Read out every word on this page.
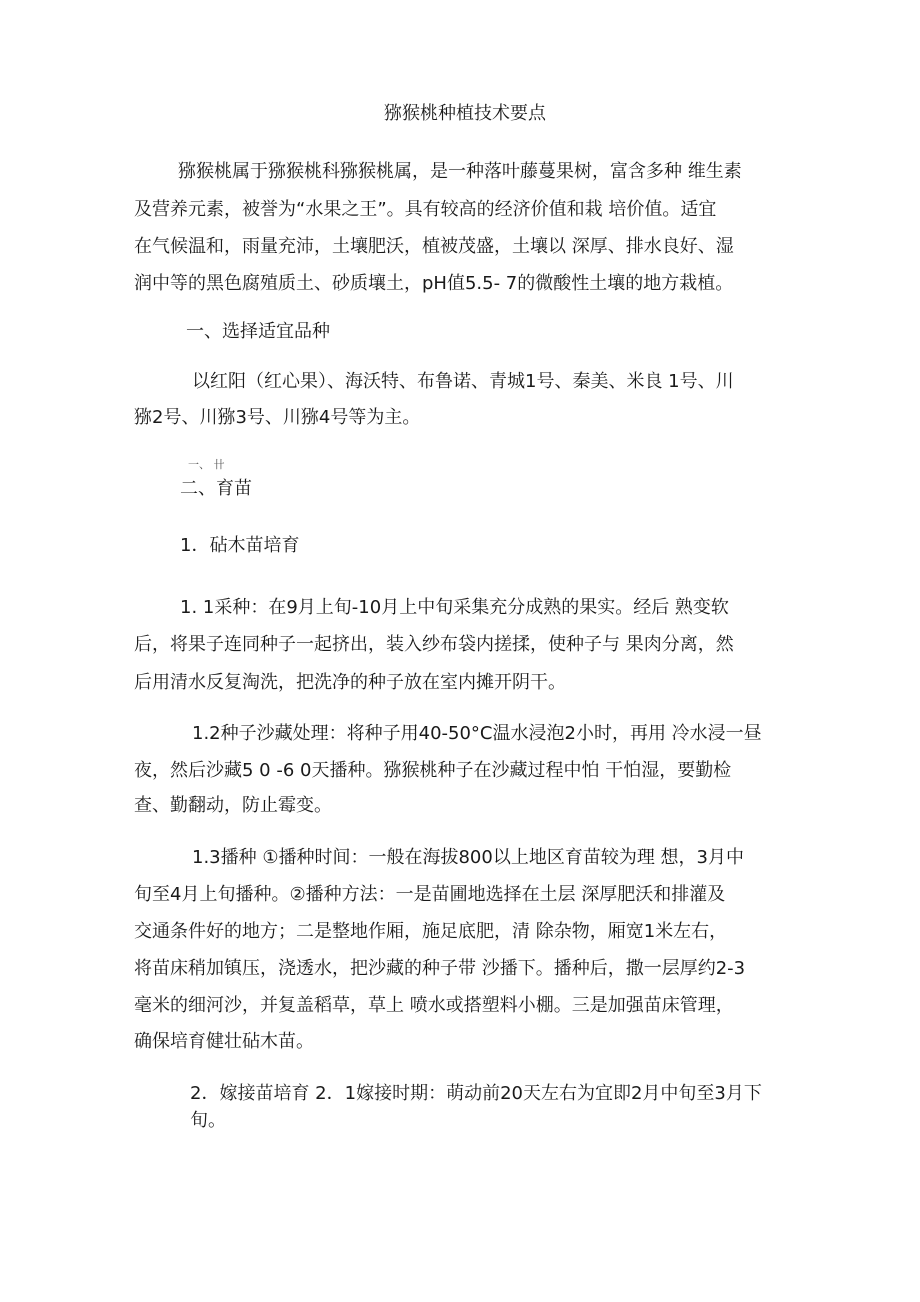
猕猴桃种植技术要点

猕猴桃属于猕猴桃科猕猴桃属，是一种落叶藤蔓果树，富含多种 维生素

及营养元素，被誉为“水果之王”。具有较高的经济价值和栽 培价值。适宜

在气候温和，雨量充沛，土壤肥沃，植被茂盛，土壤以 深厚、排水良好、湿

润中等的黑色腐殖质土、砂质壤土，pH值5.5- 7的微酸性土壤的地方栽植。

一、选择适宜品种

以红阳（红心果）、海沃特、布鲁诺、青城1号、秦美、米良 1号、川

猕2号、川猕3号、川猕4号等为主。

一、 卄

二、育苗

1．砧木苗培育

1. 1采种：在9月上旬-10月上中旬采集充分成熟的果实。经后 熟变软

后，将果子连同种子一起挤出，装入纱布袋内搓揉，使种子与 果肉分离，然

后用清水反复淘洗，把洗净的种子放在室内摊开阴干。

1.2种子沙藏处理：将种子用40-50°C温水浸泡2小时，再用 冷水浸一昼

夜，然后沙藏5 0 -6 0天播种。猕猴桃种子在沙藏过程中怕 干怕湿，要勤检

查、勤翻动，防止霉变。

1.3播种 ①播种时间：一般在海拔800以上地区育苗较为理 想，3月中

旬至4月上旬播种。②播种方法：一是苗圃地选择在土层 深厚肥沃和排灌及

交通条件好的地方；二是整地作厢，施足底肥，清 除杂物，厢宽1米左右，

将苗床稍加镇压，浇透水，把沙藏的种子带 沙播下。播种后，撒一层厚约2-3

毫米的细河沙，并复盖稻草，草上 喷水或搭塑料小棚。三是加强苗床管理，

确保培育健壮砧木苗。

2．嫁接苗培育 2．1嫁接时期：萌动前20天左右为宜即2月中旬至3月下

旬。
